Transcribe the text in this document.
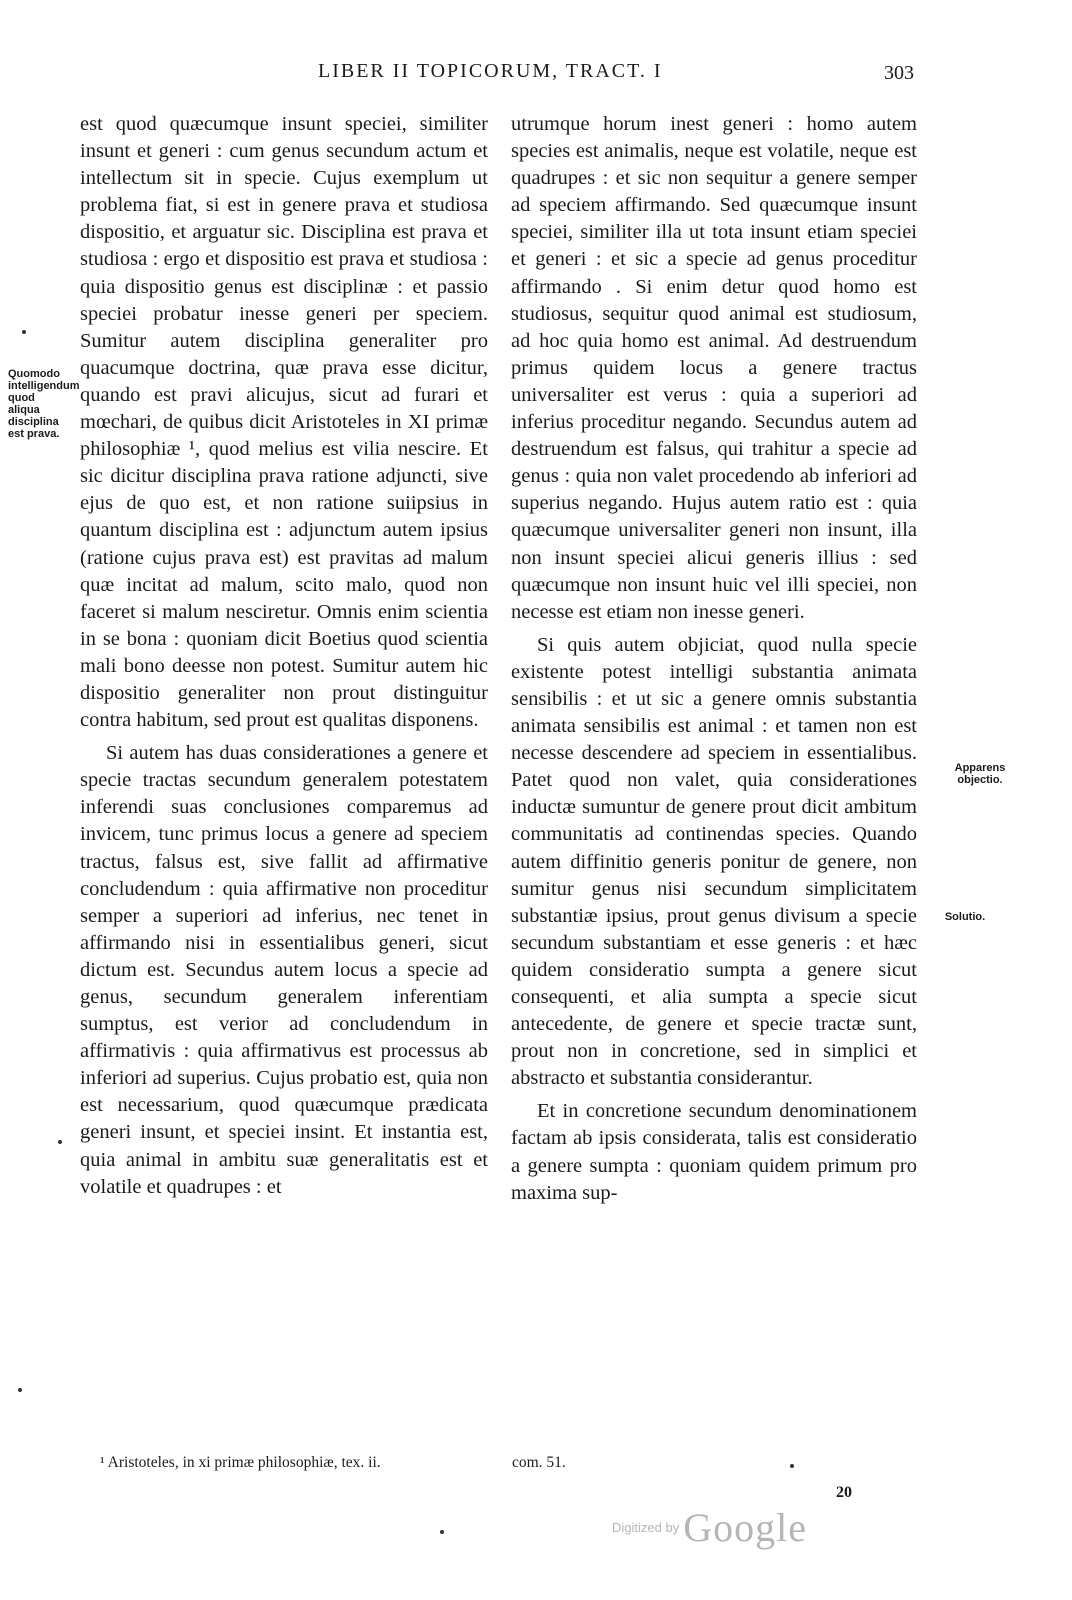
LIBER II TOPICORUM, TRACT. I	303

est quod quæcumque insunt speciei, similiter insunt et generi : cum genus secundum actum et intellectum sit in specie. Cujus exemplum ut problema fiat, si est in genere prava et studiosa dispositio, et arguatur sic. Disciplina est prava et studiosa : ergo et dispositio est prava et studiosa : quia dispositio genus est disciplinæ : et passio speciei probatur inesse generi per speciem. Sumitur autem disciplina generaliter pro quacumque doctrina, quæ prava esse dicitur, quando est pravi alicujus, sicut ad furari et mœchari, de quibus dicit Aristoteles in XI primæ philosophiæ ¹, quod melius est vilia nescire. Et sic dicitur disciplina prava ratione adjuncti, sive ejus de quo est, et non ratione suiipsius in quantum disciplina est : adjunctum autem ipsius (ratione cujus prava est) est pravitas ad malum quæ incitat ad malum, scito malo, quod non faceret si malum nesciretur. Omnis enim scientia in se bona : quoniam dicit Boetius quod scientia mali bono deesse non potest. Sumitur autem hic dispositio generaliter non prout distinguitur contra habitum, sed prout est qualitas disponens.

Si autem has duas considerationes a genere et specie tractas secundum generalem potestatem inferendi suas conclusiones comparemus ad invicem, tunc primus locus a genere ad speciem tractus, falsus est, sive fallit ad affirmative concludendum : quia affirmative non proceditur semper a superiori ad inferius, nec tenet in affirmando nisi in essentialibus generi, sicut dictum est. Secundus autem locus a specie ad genus, secundum generalem inferentiam sumptus, est verior ad concludendum in affirmativis : quia affirmativus est processus ab inferiori ad superius. Cujus probatio est, quia non est necessarium, quod quæcumque prædicata generi insunt, et speciei insint. Et instantia est, quia animal in ambitu suæ generalitatis est et volatile et quadrupes : et

utrumque horum inest generi : homo autem species est animalis, neque est volatile, neque est quadrupes : et sic non sequitur a genere semper ad speciem affirmando. Sed quæcumque insunt speciei, similiter illa ut tota insunt etiam speciei et generi : et sic a specie ad genus proceditur affirmando . Si enim detur quod homo est studiosus, sequitur quod animal est studiosum, ad hoc quia homo est animal. Ad destruendum primus quidem locus a genere tractus universaliter est verus : quia a superiori ad inferius proceditur negando. Secundus autem ad destruendum est falsus, qui trahitur a specie ad genus : quia non valet procedendo ab inferiori ad superius negando. Hujus autem ratio est : quia quæcumque universaliter generi non insunt, illa non insunt speciei alicui generis illius : sed quæcumque non insunt huic vel illi speciei, non necesse est etiam non inesse generi.

Si quis autem objiciat, quod nulla specie existente potest intelligi substantia animata sensibilis : et ut sic a genere omnis substantia animata sensibilis est animal : et tamen non est necesse descendere ad speciem in essentialibus. Patet quod non valet, quia considerationes inductæ sumuntur de genere prout dicit ambitum communitatis ad continendas species. Quando autem diffinitio generis ponitur de genere, non sumitur genus nisi secundum simplicitatem substantiæ ipsius, prout genus divisum a specie secundum substantiam et esse generis : et hæc quidem consideratio sumpta a genere sicut consequenti, et alia sumpta a specie sicut antecedente, de genere et specie tractæ sunt, prout non in concretione, sed in simplici et abstracto et substantia considerantur.

Et in concretione secundum denominationem factam ab ipsis considerata, talis est consideratio a genere sumpta : quoniam quidem primum pro maxima sup-

Quomodo intelligendum quod aliqua disciplina est prava.
Apparens objectio.
Solutio.
¹ Aristoteles, in xi primæ philosophiæ, tex. ii.	com. 51.
20
Digitized by Google
